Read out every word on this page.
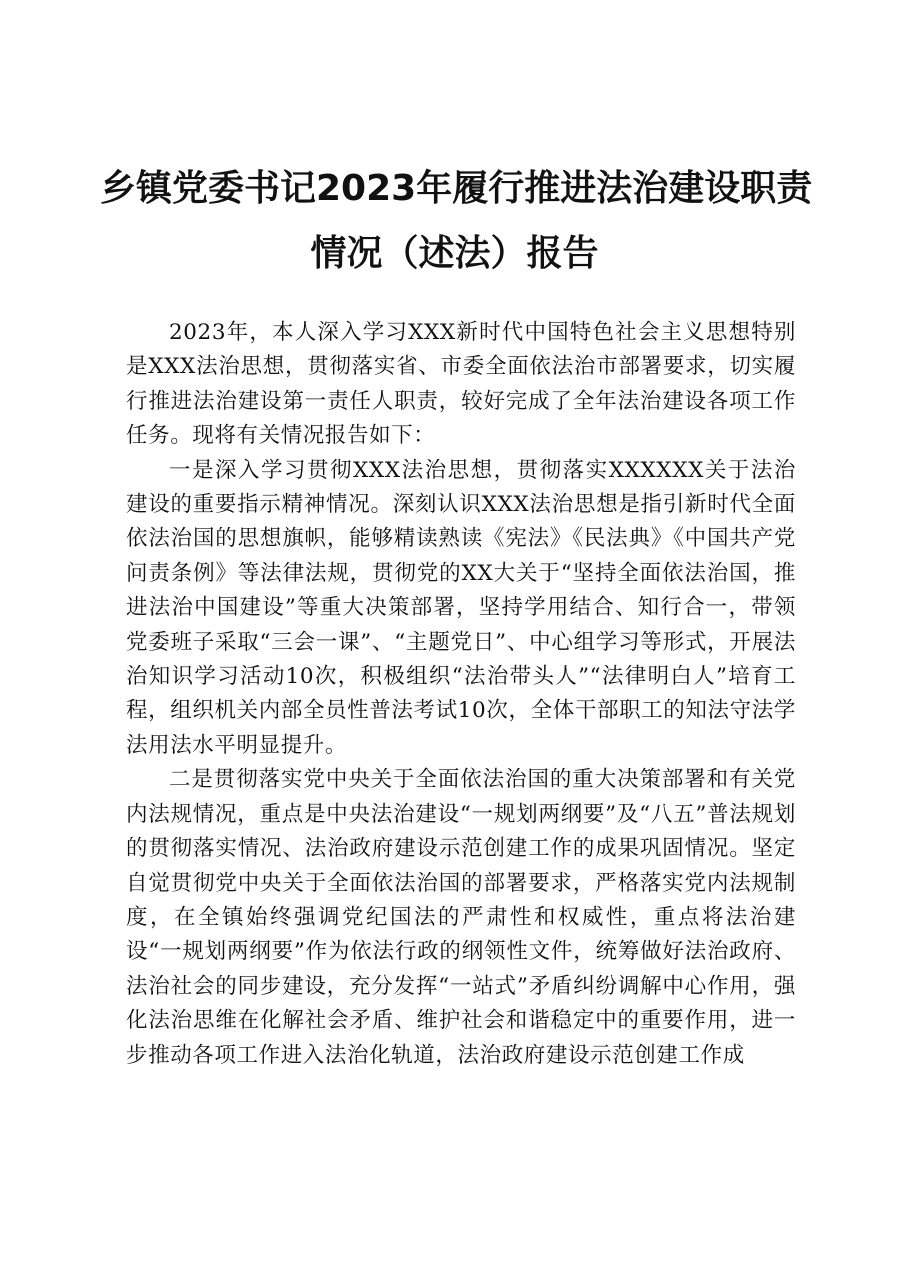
乡镇党委书记2023年履行推进法治建设职责
情况（述法）报告

2023年，本人深入学习XXX新时代中国特色社会主义思想特别是XXX法治思想，贯彻落实省、市委全面依法治市部署要求，切实履行推进法治建设第一责任人职责，较好完成了全年法治建设各项工作任务。现将有关情况报告如下：

一是深入学习贯彻XXX法治思想，贯彻落实XXXXXX关于法治建设的重要指示精神情况。深刻认识XXX法治思想是指引新时代全面依法治国的思想旗帜，能够精读熟读《宪法》《民法典》《中国共产党问责条例》等法律法规，贯彻党的XX大关于“坚持全面依法治国，推进法治中国建设”等重大决策部署，坚持学用结合、知行合一，带领党委班子采取“三会一课”、“主题党日”、中心组学习等形式，开展法治知识学习活动10次，积极组织“法治带头人”“法律明白人”培育工程，组织机关内部全员性普法考试10次，全体干部职工的知法守法学法用法水平明显提升。

二是贯彻落实党中央关于全面依法治国的重大决策部署和有关党内法规情况，重点是中央法治建设“一规划两纲要”及“八五”普法规划的贯彻落实情况、法治政府建设示范创建工作的成果巩固情况。坚定自觉贯彻党中央关于全面依法治国的部署要求，严格落实党内法规制度，在全镇始终强调党纪国法的严肃性和权威性，重点将法治建设“一规划两纲要”作为依法行政的纲领性文件，统筹做好法治政府、法治社会的同步建设，充分发挥“一站式”矛盾纠纷调解中心作用，强化法治思维在化解社会矛盾、维护社会和谐稳定中的重要作用，进一步推动各项工作进入法治化轨道，法治政府建设示范创建工作成
